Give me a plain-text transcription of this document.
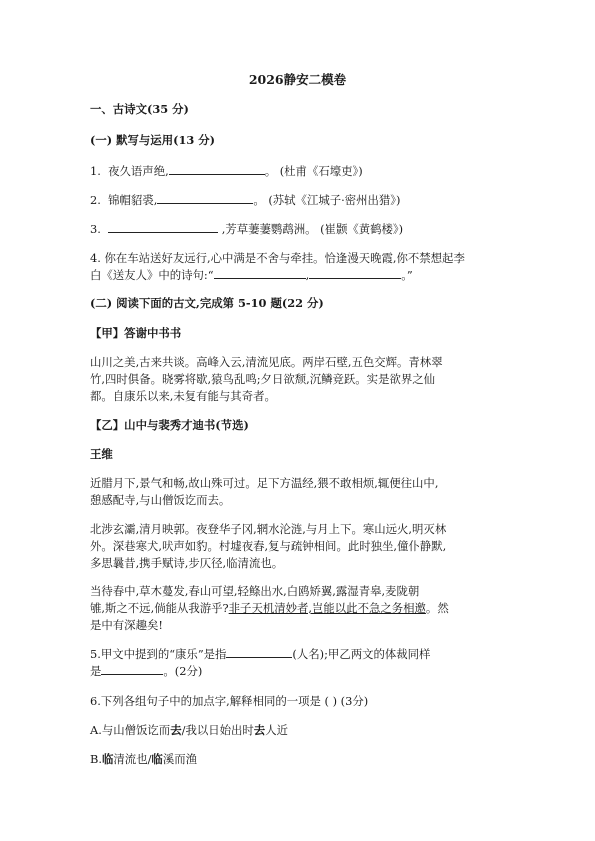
2026静安二模卷
一、古诗文(35 分)
(一) 默写与运用(13 分)
1. 夜久语声绝,	。 (杜甫《石壕吏》)
2. 锦帽貂裘,	。 (苏轼《江城子·密州出猎》)
3.	,芳草萋萋鹦鹉洲。 (崔颢《黄鹤楼》)
4. 你在车站送好友远行,心中满是不舍与牵挂。恰逢漫天晚霞,你不禁想起李
白《送友人》中的诗句:“	,	。”
(二) 阅读下面的古文,完成第 5-10 题(22 分)
【甲】答谢中书书
山川之美,古来共谈。高峰入云,清流见底。两岸石壁,五色交辉。青林翠
竹,四时俱备。晓雾将歇,猿鸟乱鸣;夕日欲颓,沉鳞竞跃。实是欲界之仙
都。自康乐以来,未复有能与其奇者。
【乙】山中与裴秀才迪书(节选)
王维
近腊月下,景气和畅,故山殊可过。足下方温经,猥不敢相烦,辄便往山中,
憩感配寺,与山僧饭讫而去。
北涉玄灞,清月映郭。夜登华子冈,辋水沦涟,与月上下。寒山远火,明灭林
外。深巷寒犬,吠声如豹。村墟夜舂,复与疏钟相间。此时独坐,僮仆静默,
多思曩昔,携手赋诗,步仄径,临清流也。
当待春中,草木蔓发,春山可望,轻鲦出水,白鸥矫翼,露湿青皋,麦陇朝
雊,斯之不远,倘能从我游乎?非子天机清妙者,岂能以此不急之务相邀。然
是中有深趣矣!
5.甲文中提到的“康乐”是指	(人名);甲乙两文的体裁同样
是	。(2分)
6.下列各组句子中的加点字,解释相同的一项是 ( ) (3分)
A.与山僧饭讫而去/我以日始出时去人近
B.临清流也/临溪而渔
